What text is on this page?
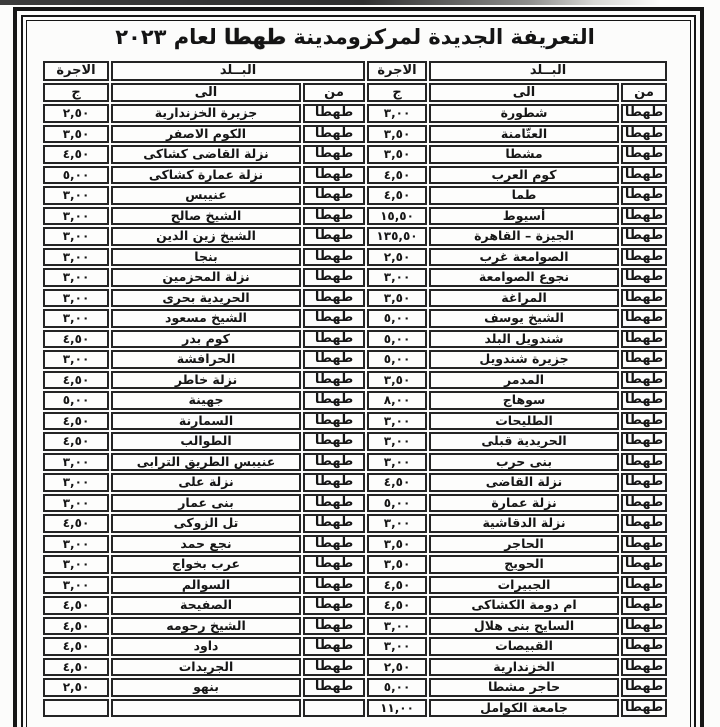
التعريفة الجديدة لمركزومدينة طهطا لعام ٢٠٢٣
البــلد		الاجرة	البــلد		الاجرة
من	الى	ج	من	الى	ج
طهطا	شطورة	٣,٠٠	طهطا	جزيرة الخزندارية	٢,٥٠
طهطا	العتّامنة	٣,٥٠	طهطا	الكوم الاصفر	٣,٥٠
طهطا	مشطا	٣,٥٠	طهطا	نزلة القاضى كشاكى	٤,٥٠
طهطا	كوم العرب	٤,٥٠	طهطا	نزلة عمارة كشاكى	٥,٠٠
طهطا	طما	٤,٥٠	طهطا	عنيبس	٣,٠٠
طهطا	أسيوط	١٥,٥٠	طهطا	الشيخ صالح	٣,٠٠
طهطا	الجيزة – القاهرة	١٣٥,٥٠	طهطا	الشيخ زين الدين	٣,٠٠
طهطا	الصوامعة غرب	٢,٥٠	طهطا	بنجا	٣,٠٠
طهطا	نجوع الصوامعة	٣,٠٠	طهطا	نزلة المحزمين	٣,٠٠
طهطا	المراغة	٣,٥٠	طهطا	الحريدية بحرى	٣,٠٠
طهطا	الشيخ يوسف	٥,٠٠	طهطا	الشيخ مسعود	٣,٠٠
طهطا	شندويل البلد	٥,٠٠	طهطا	كوم بدر	٤,٥٠
طهطا	جزيرة شندويل	٥,٠٠	طهطا	الحرافشة	٣,٠٠
طهطا	المدمر	٣,٥٠	طهطا	نزلة خاطر	٤,٥٠
طهطا	سوهاج	٨,٠٠	طهطا	جهينة	٥,٠٠
طهطا	الطليحات	٣,٠٠	طهطا	السمارنة	٤,٥٠
طهطا	الحريدية قبلى	٣,٠٠	طهطا	الطوالب	٤,٥٠
طهطا	بنى حرب	٣,٠٠	طهطا	عنيبس الطريق الترابى	٣,٠٠
طهطا	نزلة القاضى	٤,٥٠	طهطا	نزلة على	٣,٠٠
طهطا	نزلة عمارة	٥,٠٠	طهطا	بنى عمار	٣,٠٠
طهطا	نزلة الدقاشية	٣,٠٠	طهطا	تل الزوكى	٤,٥٠
طهطا	الحاجر	٣,٥٠	طهطا	نجع حمد	٣,٠٠
طهطا	الحويج	٣,٥٠	طهطا	عرب بخواج	٣,٠٠
طهطا	الجبيرات	٤,٥٠	طهطا	السوالم	٣,٠٠
طهطا	ام دومة الكشاكى	٤,٥٠	طهطا	الصفيحة	٤,٥٠
طهطا	السايح بنى هلال	٣,٠٠	طهطا	الشيخ رحومه	٤,٥٠
طهطا	القبيصات	٣,٠٠	طهطا	داود	٤,٥٠
طهطا	الخزندارية	٢,٥٠	طهطا	الجريدات	٤,٥٠
طهطا	حاجر مشطا	٥,٠٠	طهطا	بنهو	٢,٥٠
طهطا	جامعة الكوامل	١١,٠٠			
